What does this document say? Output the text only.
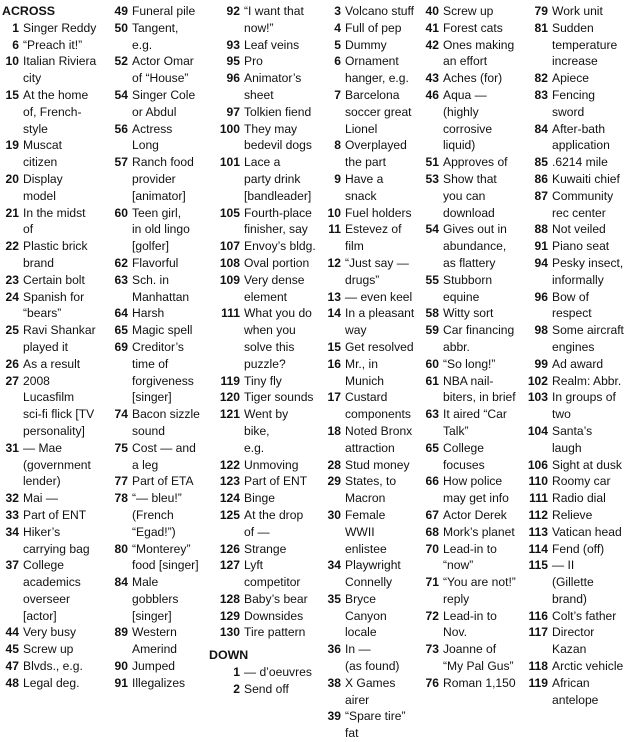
ACROSS
1 Singer Reddy
6 “Preach it!”
10 Italian Riviera
city
15 At the home
of, French-
style
19 Muscat
citizen
20 Display
model
21 In the midst
of
22 Plastic brick
brand
23 Certain bolt
24 Spanish for
“bears”
25 Ravi Shankar
played it
26 As a result
27 2008
Lucasfilm
sci-fi flick [TV
personality]
31 — Mae
(government
lender)
32 Mai —
33 Part of ENT
34 Hiker’s
carrying bag
37 College
academics
overseer
[actor]
44 Very busy
45 Screw up
47 Blvds., e.g.
48 Legal deg.
49 Funeral pile
50 Tangent,
e.g.
52 Actor Omar
of “House”
54 Singer Cole
or Abdul
56 Actress
Long
57 Ranch food
provider
[animator]
60 Teen girl,
in old lingo
[golfer]
62 Flavorful
63 Sch. in
Manhattan
64 Harsh
65 Magic spell
69 Creditor’s
time of
forgiveness
[singer]
74 Bacon sizzle
sound
75 Cost — and
a leg
77 Part of ETA
78 “— bleu!”
(French
“Egad!”)
80 “Monterey”
food [singer]
84 Male
gobblers
[singer]
89 Western
Amerind
90 Jumped
91 Illegalizes
92 “I want that
now!”
93 Leaf veins
95 Pro
96 Animator’s
sheet
97 Tolkien fiend
100 They may
bedevil dogs
101 Lace a
party drink
[bandleader]
105 Fourth-place
finisher, say
107 Envoy’s bldg.
108 Oval portion
109 Very dense
element
111 What you do
when you
solve this
puzzle?
119 Tiny fly
120 Tiger sounds
121 Went by bike,
e.g.
122 Unmoving
123 Part of ENT
124 Binge
125 At the drop
of —
126 Strange
127 Lyft
competitor
128 Baby’s bear
129 Downsides
130 Tire pattern
DOWN
1 — d’oeuvres
2 Send off
3 Volcano stuff
4 Full of pep
5 Dummy
6 Ornament
hanger, e.g.
7 Barcelona
soccer great
Lionel
8 Overplayed
the part
9 Have a snack
10 Fuel holders
11 Estevez of film
12 “Just say —
drugs”
13 — even keel
14 In a pleasant
way
15 Get resolved
16 Mr., in
Munich
17 Custard
components
18 Noted Bronx
attraction
28 Stud money
29 States, to
Macron
30 Female WWII
enlistee
34 Playwright
Connelly
35 Bryce
Canyon
locale
36 In —
(as found)
38 X Games
airer
39 “Spare tire”
fat
40 Screw up
41 Forest cats
42 Ones making
an effort
43 Aches (for)
46 Aqua —
(highly
corrosive
liquid)
51 Approves of
53 Show that
you can
download
54 Gives out in
abundance,
as flattery
55 Stubborn
equine
58 Witty sort
59 Car financing
abbr.
60 “So long!”
61 NBA nail-
biters, in brief
63 It aired “Car
Talk”
65 College
focuses
66 How police
may get info
67 Actor Derek
68 Mork’s planet
70 Lead-in to
“now”
71 “You are not!”
reply
72 Lead-in to
Nov.
73 Joanne of
“My Pal Gus”
76 Roman 1,150
79 Work unit
81 Sudden
temperature
increase
82 Apiece
83 Fencing
sword
84 After-bath
application
85 .6214 mile
86 Kuwaiti chief
87 Community
rec center
88 Not veiled
91 Piano seat
94 Pesky insect,
informally
96 Bow of
respect
98 Some aircraft
engines
99 Ad award
102 Realm: Abbr.
103 In groups of
two
104 Santa’s laugh
106 Sight at dusk
110 Roomy car
111 Radio dial
112 Relieve
113 Vatican head
114 Fend (off)
115 — II
(Gillette
brand)
116 Colt’s father
117 Director
Kazan
118 Arctic vehicle
119 African
antelope
